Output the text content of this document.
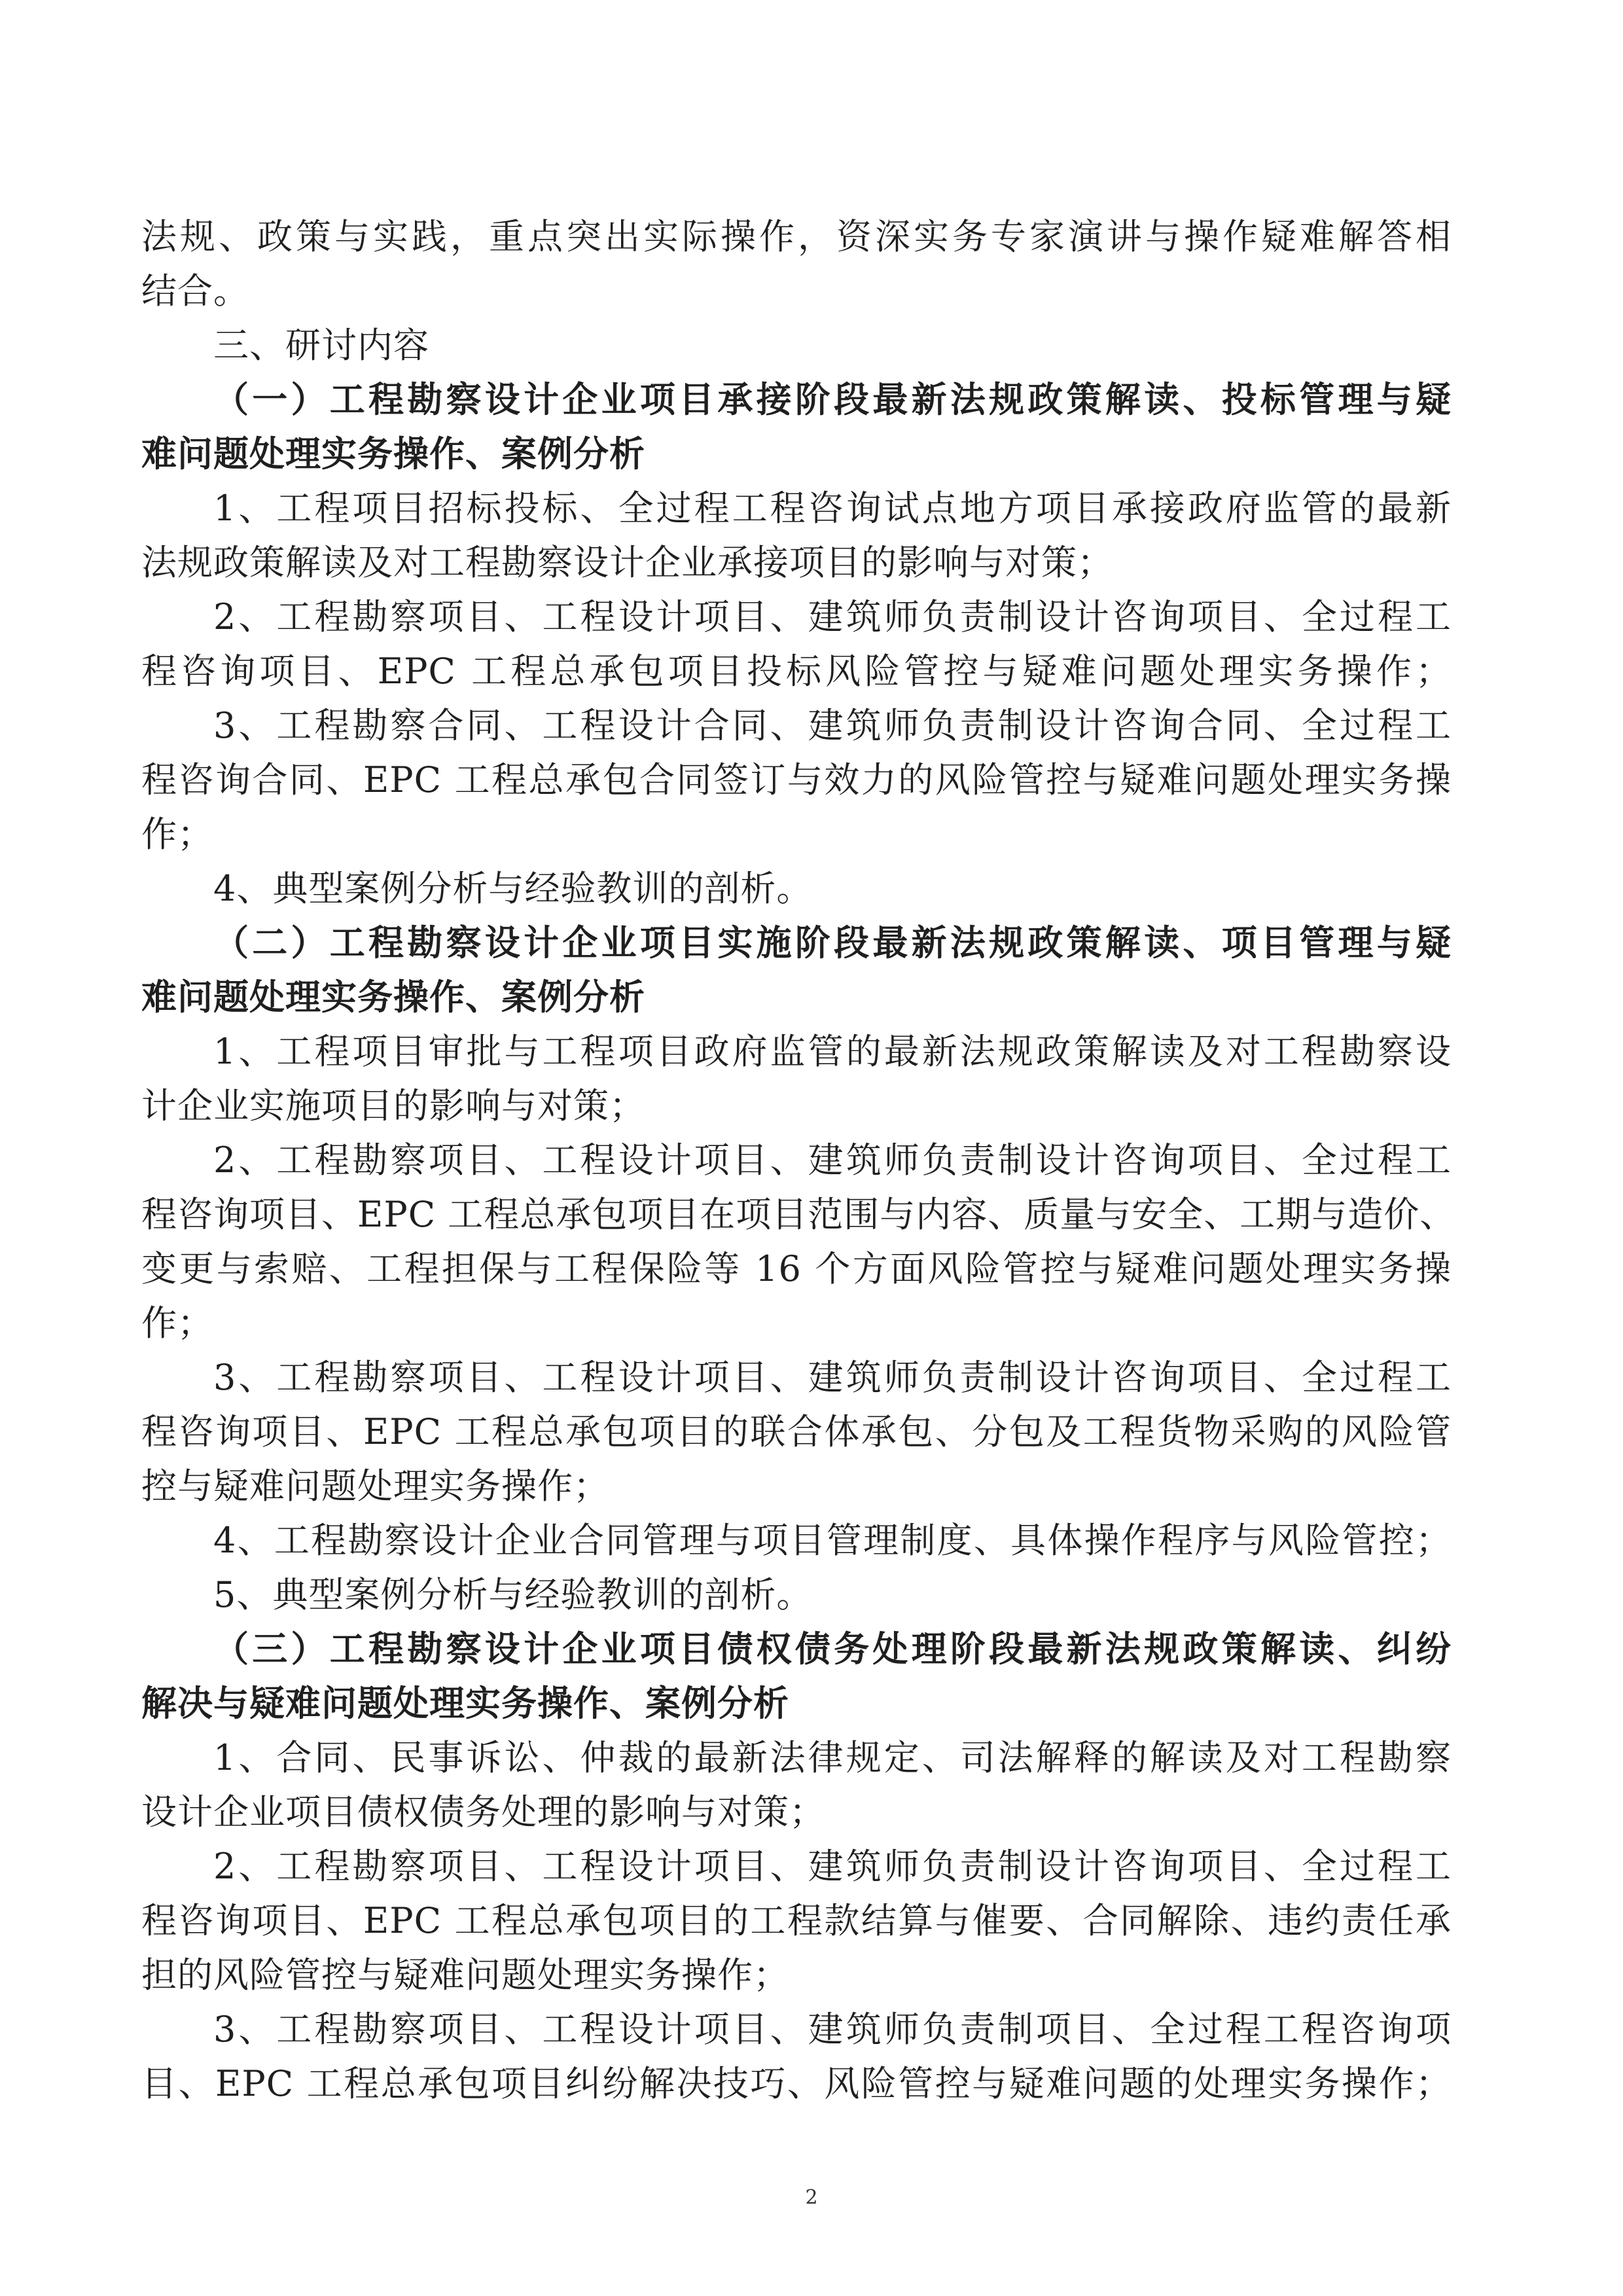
法规、政策与实践，重点突出实际操作，资深实务专家演讲与操作疑难解答相
结合。
三、研讨内容
（一）工程勘察设计企业项目承接阶段最新法规政策解读、投标管理与疑
难问题处理实务操作、案例分析
1、工程项目招标投标、全过程工程咨询试点地方项目承接政府监管的最新
法规政策解读及对工程勘察设计企业承接项目的影响与对策；
2、工程勘察项目、工程设计项目、建筑师负责制设计咨询项目、全过程工
程咨询项目、EPC 工程总承包项目投标风险管控与疑难问题处理实务操作；
3、工程勘察合同、工程设计合同、建筑师负责制设计咨询合同、全过程工
程咨询合同、EPC 工程总承包合同签订与效力的风险管控与疑难问题处理实务操
作；
4、典型案例分析与经验教训的剖析。
（二）工程勘察设计企业项目实施阶段最新法规政策解读、项目管理与疑
难问题处理实务操作、案例分析
1、工程项目审批与工程项目政府监管的最新法规政策解读及对工程勘察设
计企业实施项目的影响与对策；
2、工程勘察项目、工程设计项目、建筑师负责制设计咨询项目、全过程工
程咨询项目、EPC 工程总承包项目在项目范围与内容、质量与安全、工期与造价、
变更与索赔、工程担保与工程保险等 16 个方面风险管控与疑难问题处理实务操
作；
3、工程勘察项目、工程设计项目、建筑师负责制设计咨询项目、全过程工
程咨询项目、EPC 工程总承包项目的联合体承包、分包及工程货物采购的风险管
控与疑难问题处理实务操作；
4、工程勘察设计企业合同管理与项目管理制度、具体操作程序与风险管控；
5、典型案例分析与经验教训的剖析。
（三）工程勘察设计企业项目债权债务处理阶段最新法规政策解读、纠纷
解决与疑难问题处理实务操作、案例分析
1、合同、民事诉讼、仲裁的最新法律规定、司法解释的解读及对工程勘察
设计企业项目债权债务处理的影响与对策；
2、工程勘察项目、工程设计项目、建筑师负责制设计咨询项目、全过程工
程咨询项目、EPC 工程总承包项目的工程款结算与催要、合同解除、违约责任承
担的风险管控与疑难问题处理实务操作；
3、工程勘察项目、工程设计项目、建筑师负责制项目、全过程工程咨询项
目、EPC 工程总承包项目纠纷解决技巧、风险管控与疑难问题的处理实务操作；
2
